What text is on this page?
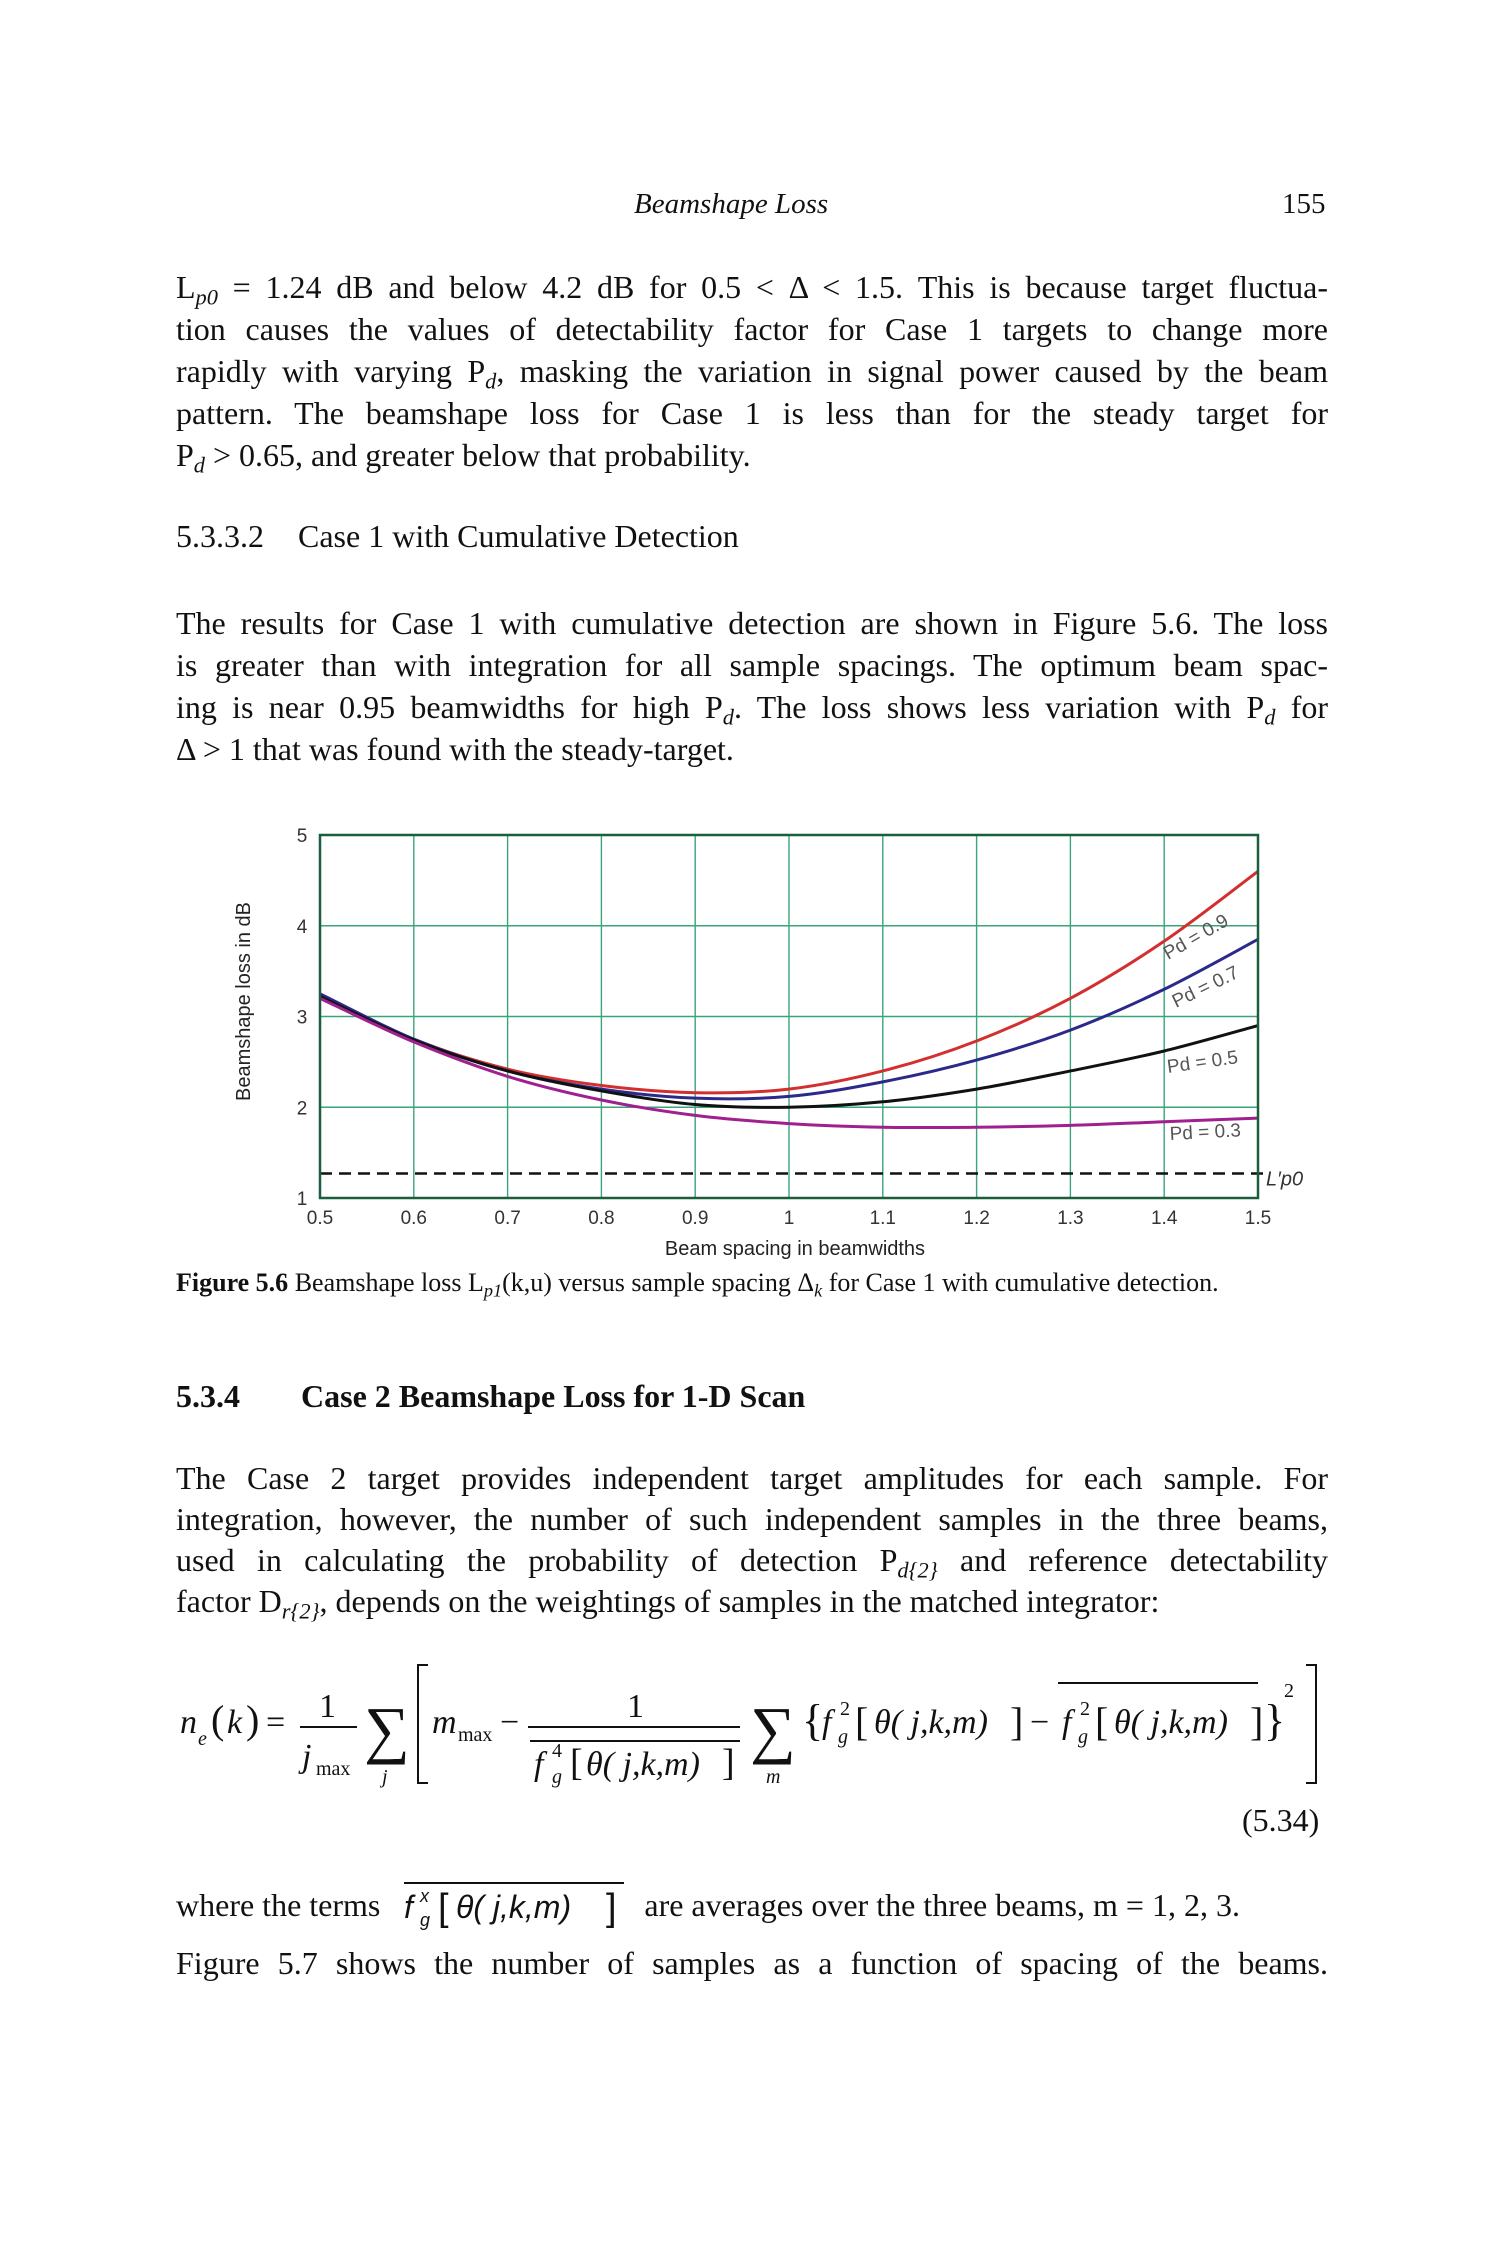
Beamshape Loss	155
$L_{p0} = 1.24$ dB and below 4.2 dB for 0.5 < Δ < 1.5. This is because target fluctua-
tion causes the values of detectability factor for Case 1 targets to change more
rapidly with varying $P_d$, masking the variation in signal power caused by the beam
pattern. The beamshape loss for Case 1 is less than for the steady target for
$P_d > 0.65$, and greater below that probability.
5.3.3.2 Case 1 with Cumulative Detection
The results for Case 1 with cumulative detection are shown in Figure 5.6. The loss
is greater than with integration for all sample spacings. The optimum beam spac-
ing is near 0.95 beamwidths for high $P_d$. The loss shows less variation with $P_d$ for
Δ > 1 that was found with the steady-target.
0.5	0.6	0.7	0.8	0.9	1	1.1	1.2	1.3	1.4	1.5
1
2
3
4
5
Pd = 0.9
Pd = 0.7
Pd = 0.5
Pd = 0.3
L′p0
Beam spacing in beamwidths
Beamshape loss in dB
Figure 5.6 Beamshape loss $L_{p1}(k,u)$ versus sample spacing $\Delta_k$ for Case 1 with cumulative detection.
5.3.4 Case 2 Beamshape Loss for 1-D Scan
The Case 2 target provides independent target amplitudes for each sample. For
integration, however, the number of such independent samples in the three beams,
used in calculating the probability of detection $P_{d\{2\}}$ and reference detectability
factor $D_{r\{2\}}$, depends on the weightings of samples in the matched integrator:
n e ( k ) = 1
j max
∑
j
m max −	1
f 4
g [ θ( j,k,m) ] ∑
m
{
f 2
g [ θ( j,k,m) ] − f 2
g [ θ( j,k,m) ] }
2
(5.34)
where the terms f x
g [ θ( j,k,m) ] are averages over the three beams, m = 1, 2, 3.
Figure 5.7 shows the number of samples as a function of spacing of the beams.
